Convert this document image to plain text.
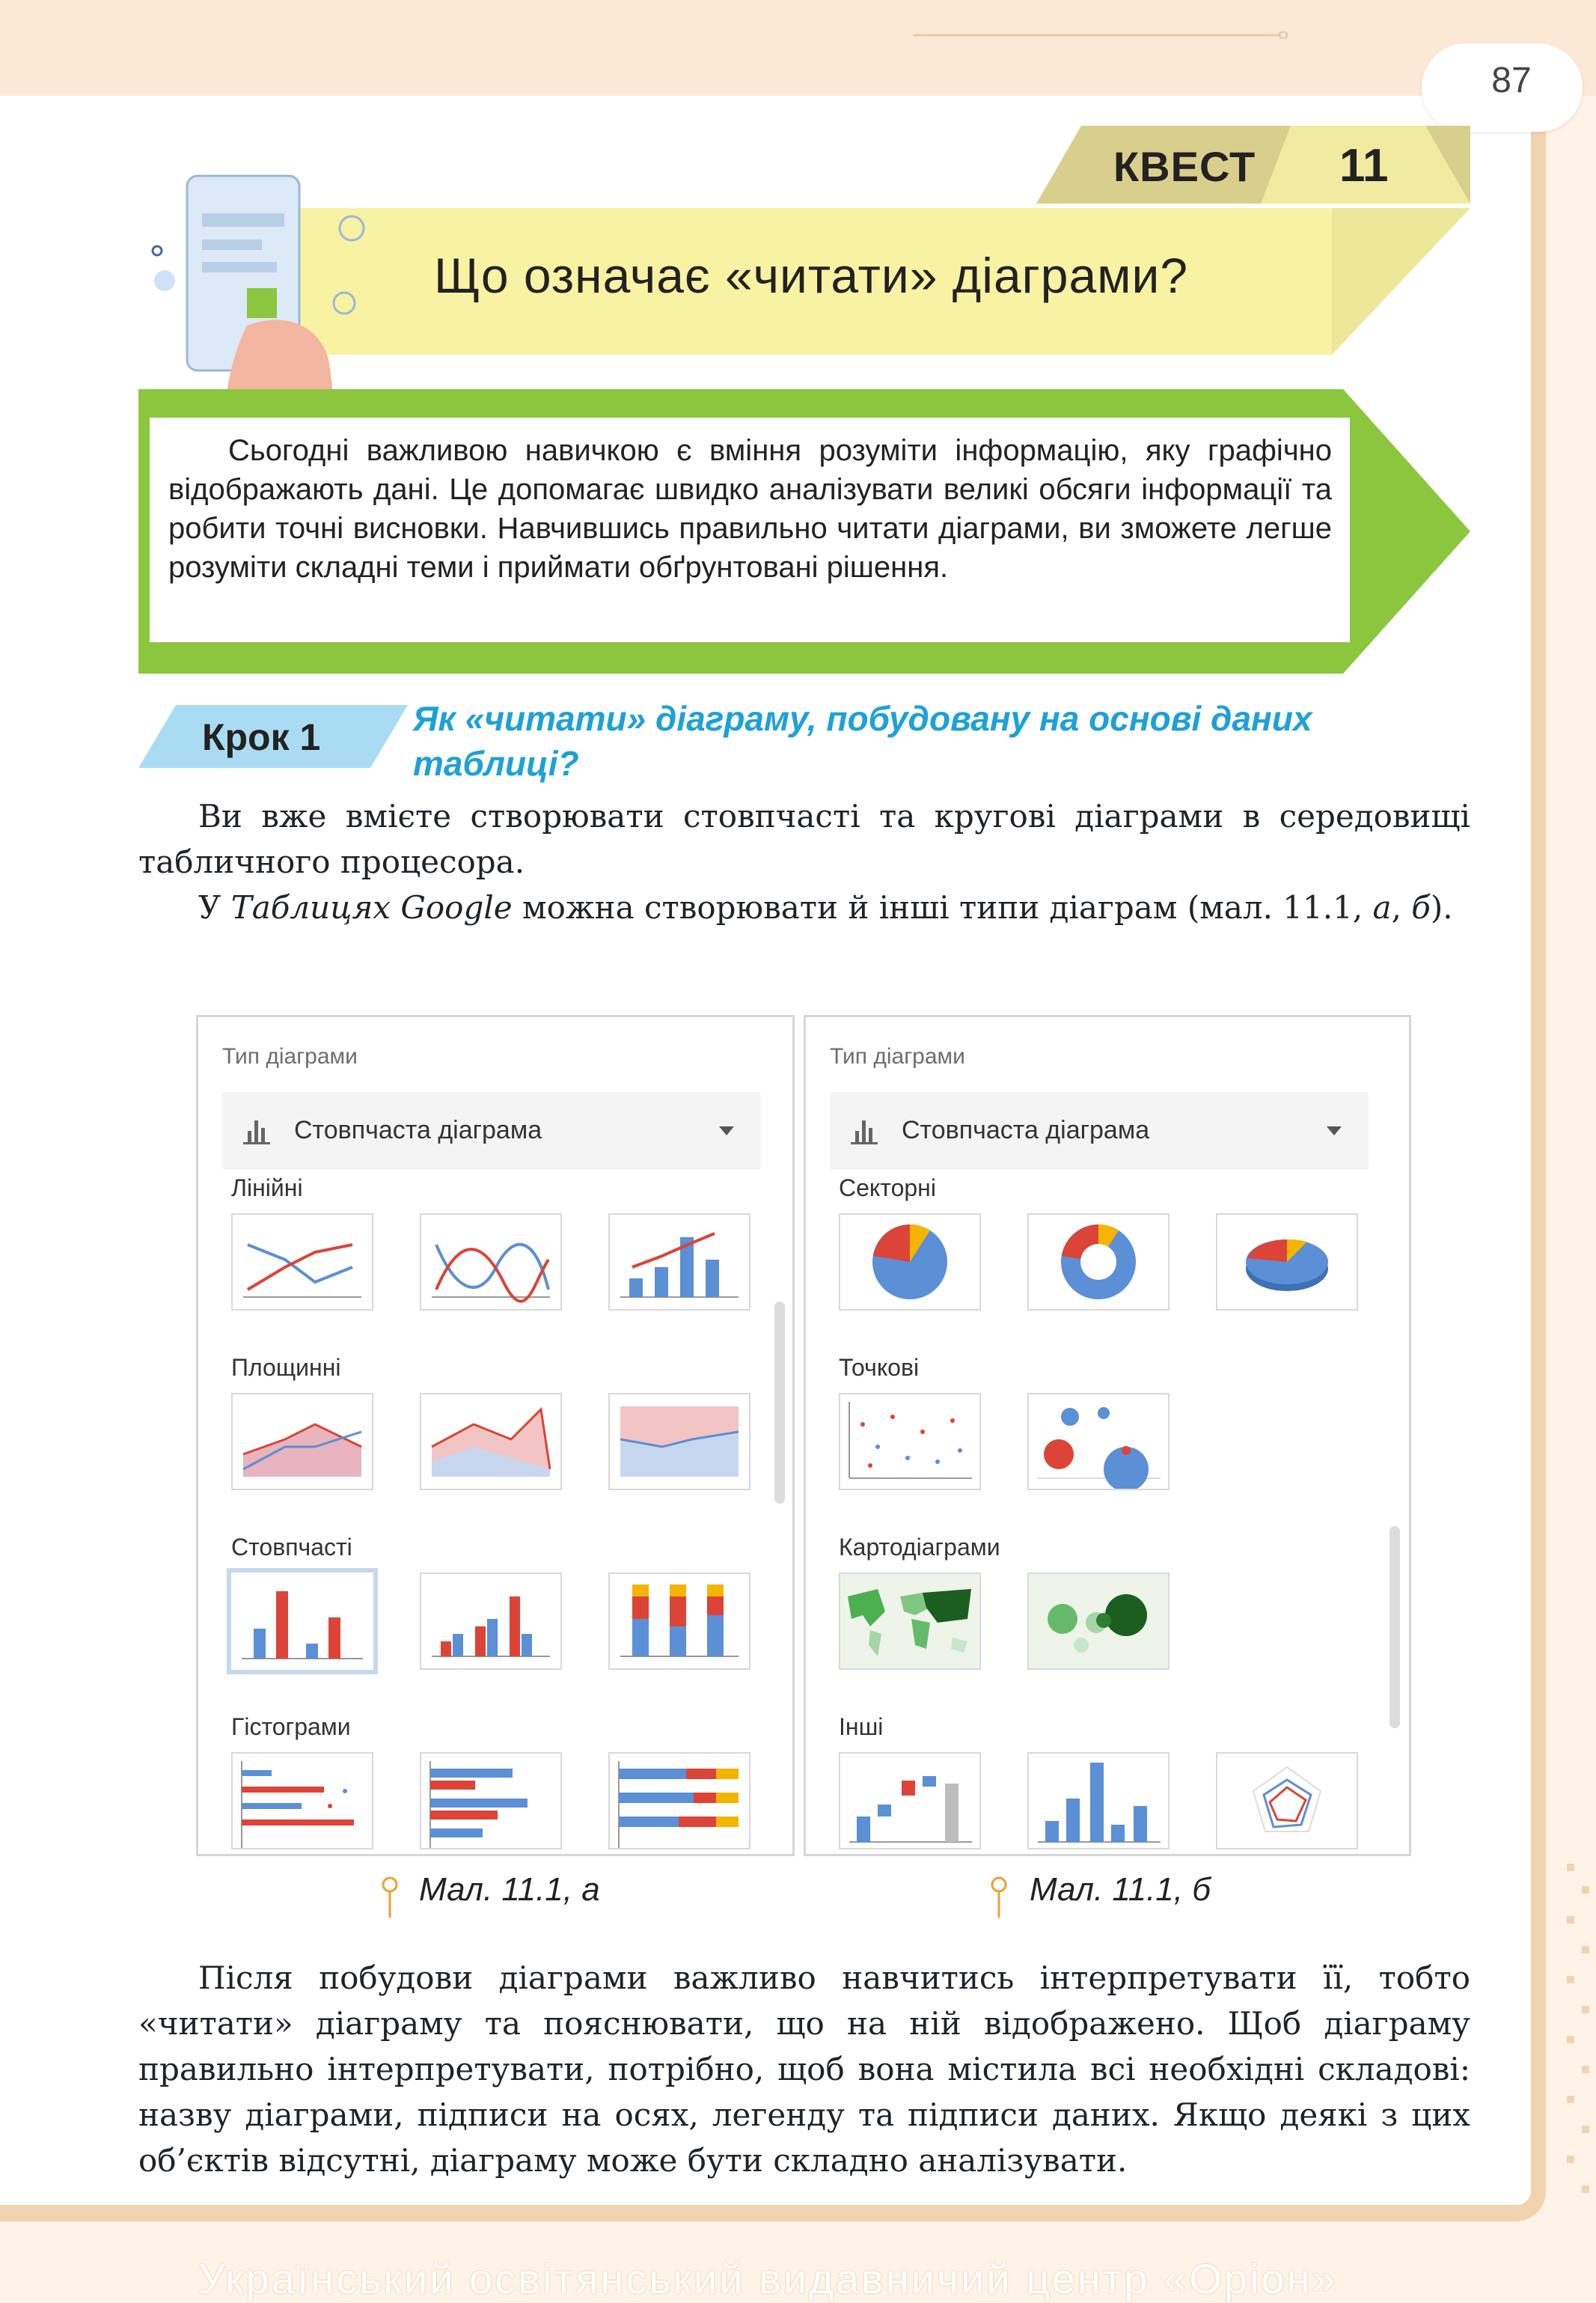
87
КВЕСТ 11
Що означає «читати» діаграми?
Сьогодні важливою навичкою є вміння розуміти інформацію, яку графічно відображають дані. Це допомагає швидко аналізувати великі обсяги інформації та робити точні висновки. Навчившись правильно читати діаграми, ви зможете легше розуміти складні теми і приймати обґрунтовані рішення.
Крок 1	Як «читати» діаграму, побудовану на основі даних таблиці?
Ви вже вмієте створювати стовпчасті та кругові діаграми в середовищі табличного процесора.
У Таблицях Google можна створювати й інші типи діаграм (мал. 11.1, а, б).
Тип діаграми
Стовпчаста діаграма
Лінійні
Площинні
Стовпчасті
Гістограми
Тип діаграми
Стовпчаста діаграма
Секторні
Точкові
Картодіаграми
Інші
Мал. 11.1, а	Мал. 11.1, б
Після побудови діаграми важливо навчитись інтерпретувати її, тобто «читати» діаграму та пояснювати, що на ній відображено. Щоб діаграму правильно інтерпретувати, потрібно, щоб вона містила всі необхідні складові: назву діаграми, підписи на осях, легенду та підписи даних. Якщо деякі з цих об’єктів відсутні, діаграму може бути складно аналізувати.
Український освітянський видавничий центр «Оріон»
